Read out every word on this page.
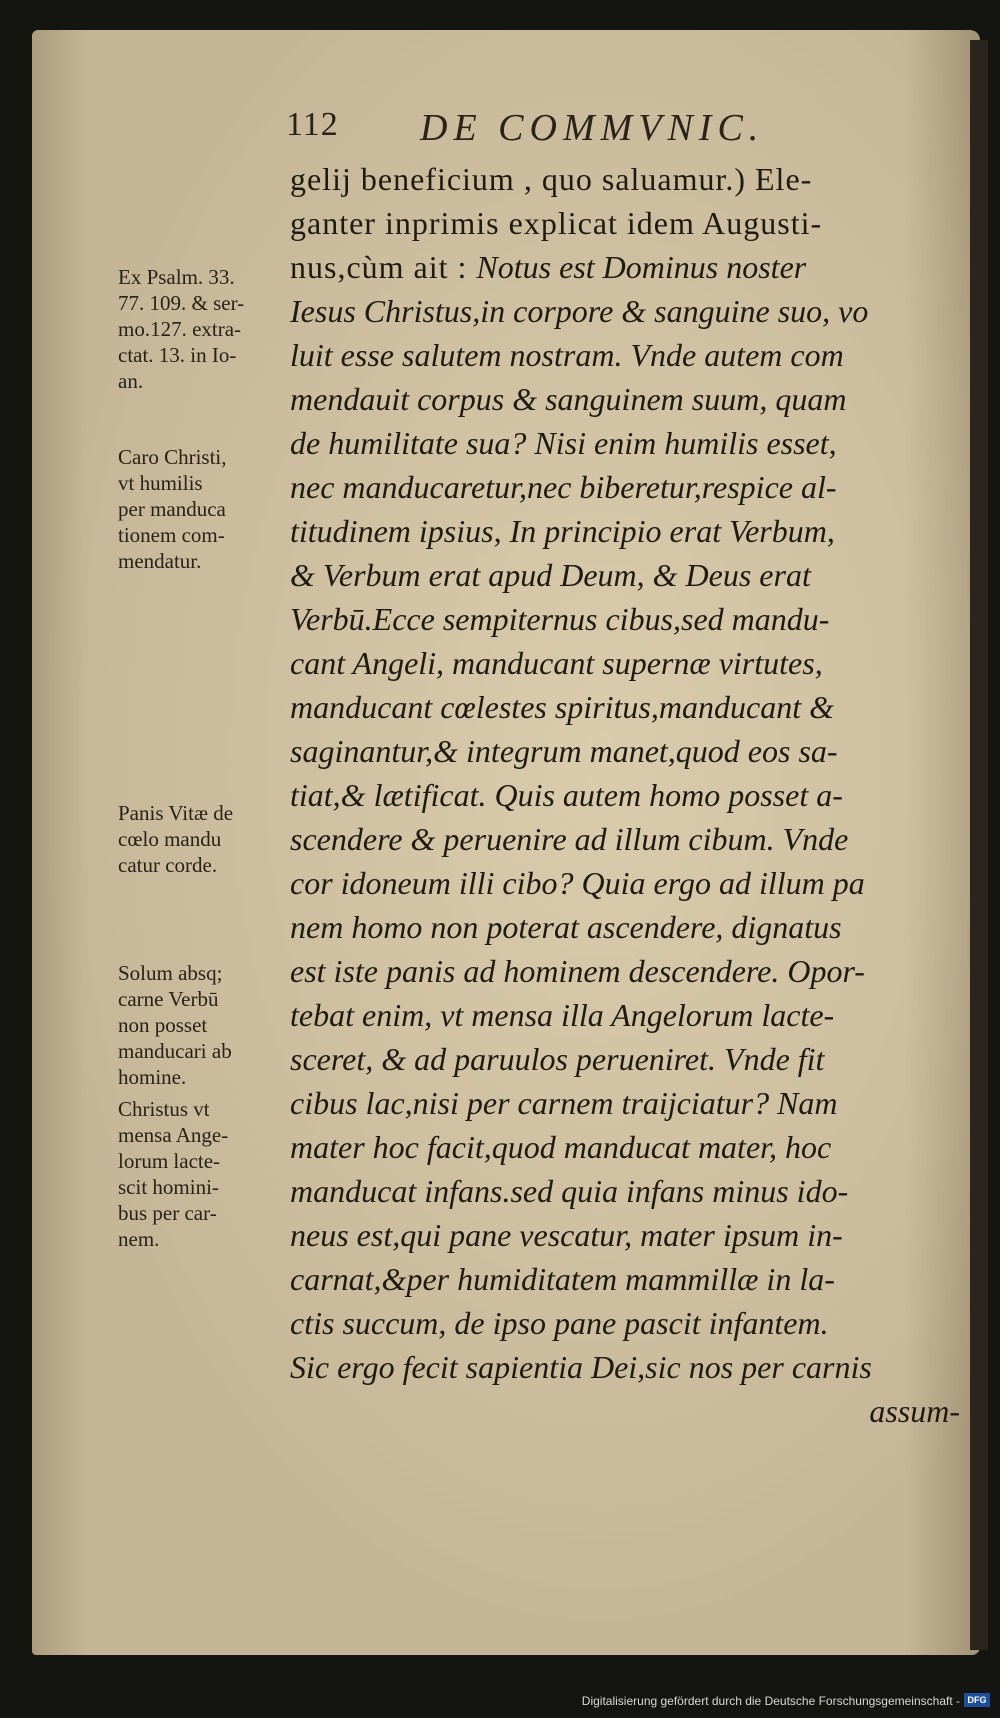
112 DE COMMVNIC.
gelij beneficium , quo saluamur.) Ele-
ganter inprimis explicat idem Augusti-
nus,cùm ait : Notus est Dominus noster
Iesus Christus,in corpore & sanguine suo, vo
luit esse salutem nostram. Vnde autem com
mendauit corpus & sanguinem suum, quam
de humilitate sua? Nisi enim humilis esset,
nec manducaretur,nec biberetur,respice al-
titudinem ipsius, In principio erat Verbum,
& Verbum erat apud Deum, & Deus erat
Verbū.Ecce sempiternus cibus,sed mandu-
cant Angeli, manducant supernæ virtutes,
manducant cœlestes spiritus,manducant &
saginantur,& integrum manet,quod eos sa-
tiat,& lætificat. Quis autem homo posset a-
scendere & peruenire ad illum cibum. Vnde
cor idoneum illi cibo? Quia ergo ad illum pa
nem homo non poterat ascendere, dignatus
est iste panis ad hominem descendere. Opor-
tebat enim, vt mensa illa Angelorum lacte-
sceret, & ad paruulos perueniret. Vnde fit
cibus lac,nisi per carnem traijciatur? Nam
mater hoc facit,quod manducat mater, hoc
manducat infans.sed quia infans minus ido-
neus est,qui pane vescatur, mater ipsum in-
carnat,&per humiditatem mammillæ in la-
ctis succum, de ipso pane pascit infantem.
Sic ergo fecit sapientia Dei,sic nos per carnis
assum-
Ex Psalm. 33.
77. 109. & ser-
mo.127. extra-
ctat. 13. in Io-
an.
Caro Christi,
vt humilis
per manduca
tionem com-
mendatur.
Panis Vitæ de
cœlo mandu
catur corde.
Solum absq;
carne Verbū
non posset
manducari ab
homine.
Christus vt
mensa Ange-
lorum lacte-
scit homini-
bus per car-
nem.
Digitalisierung gefördert durch die Deutsche Forschungsgemeinschaft - DFG
